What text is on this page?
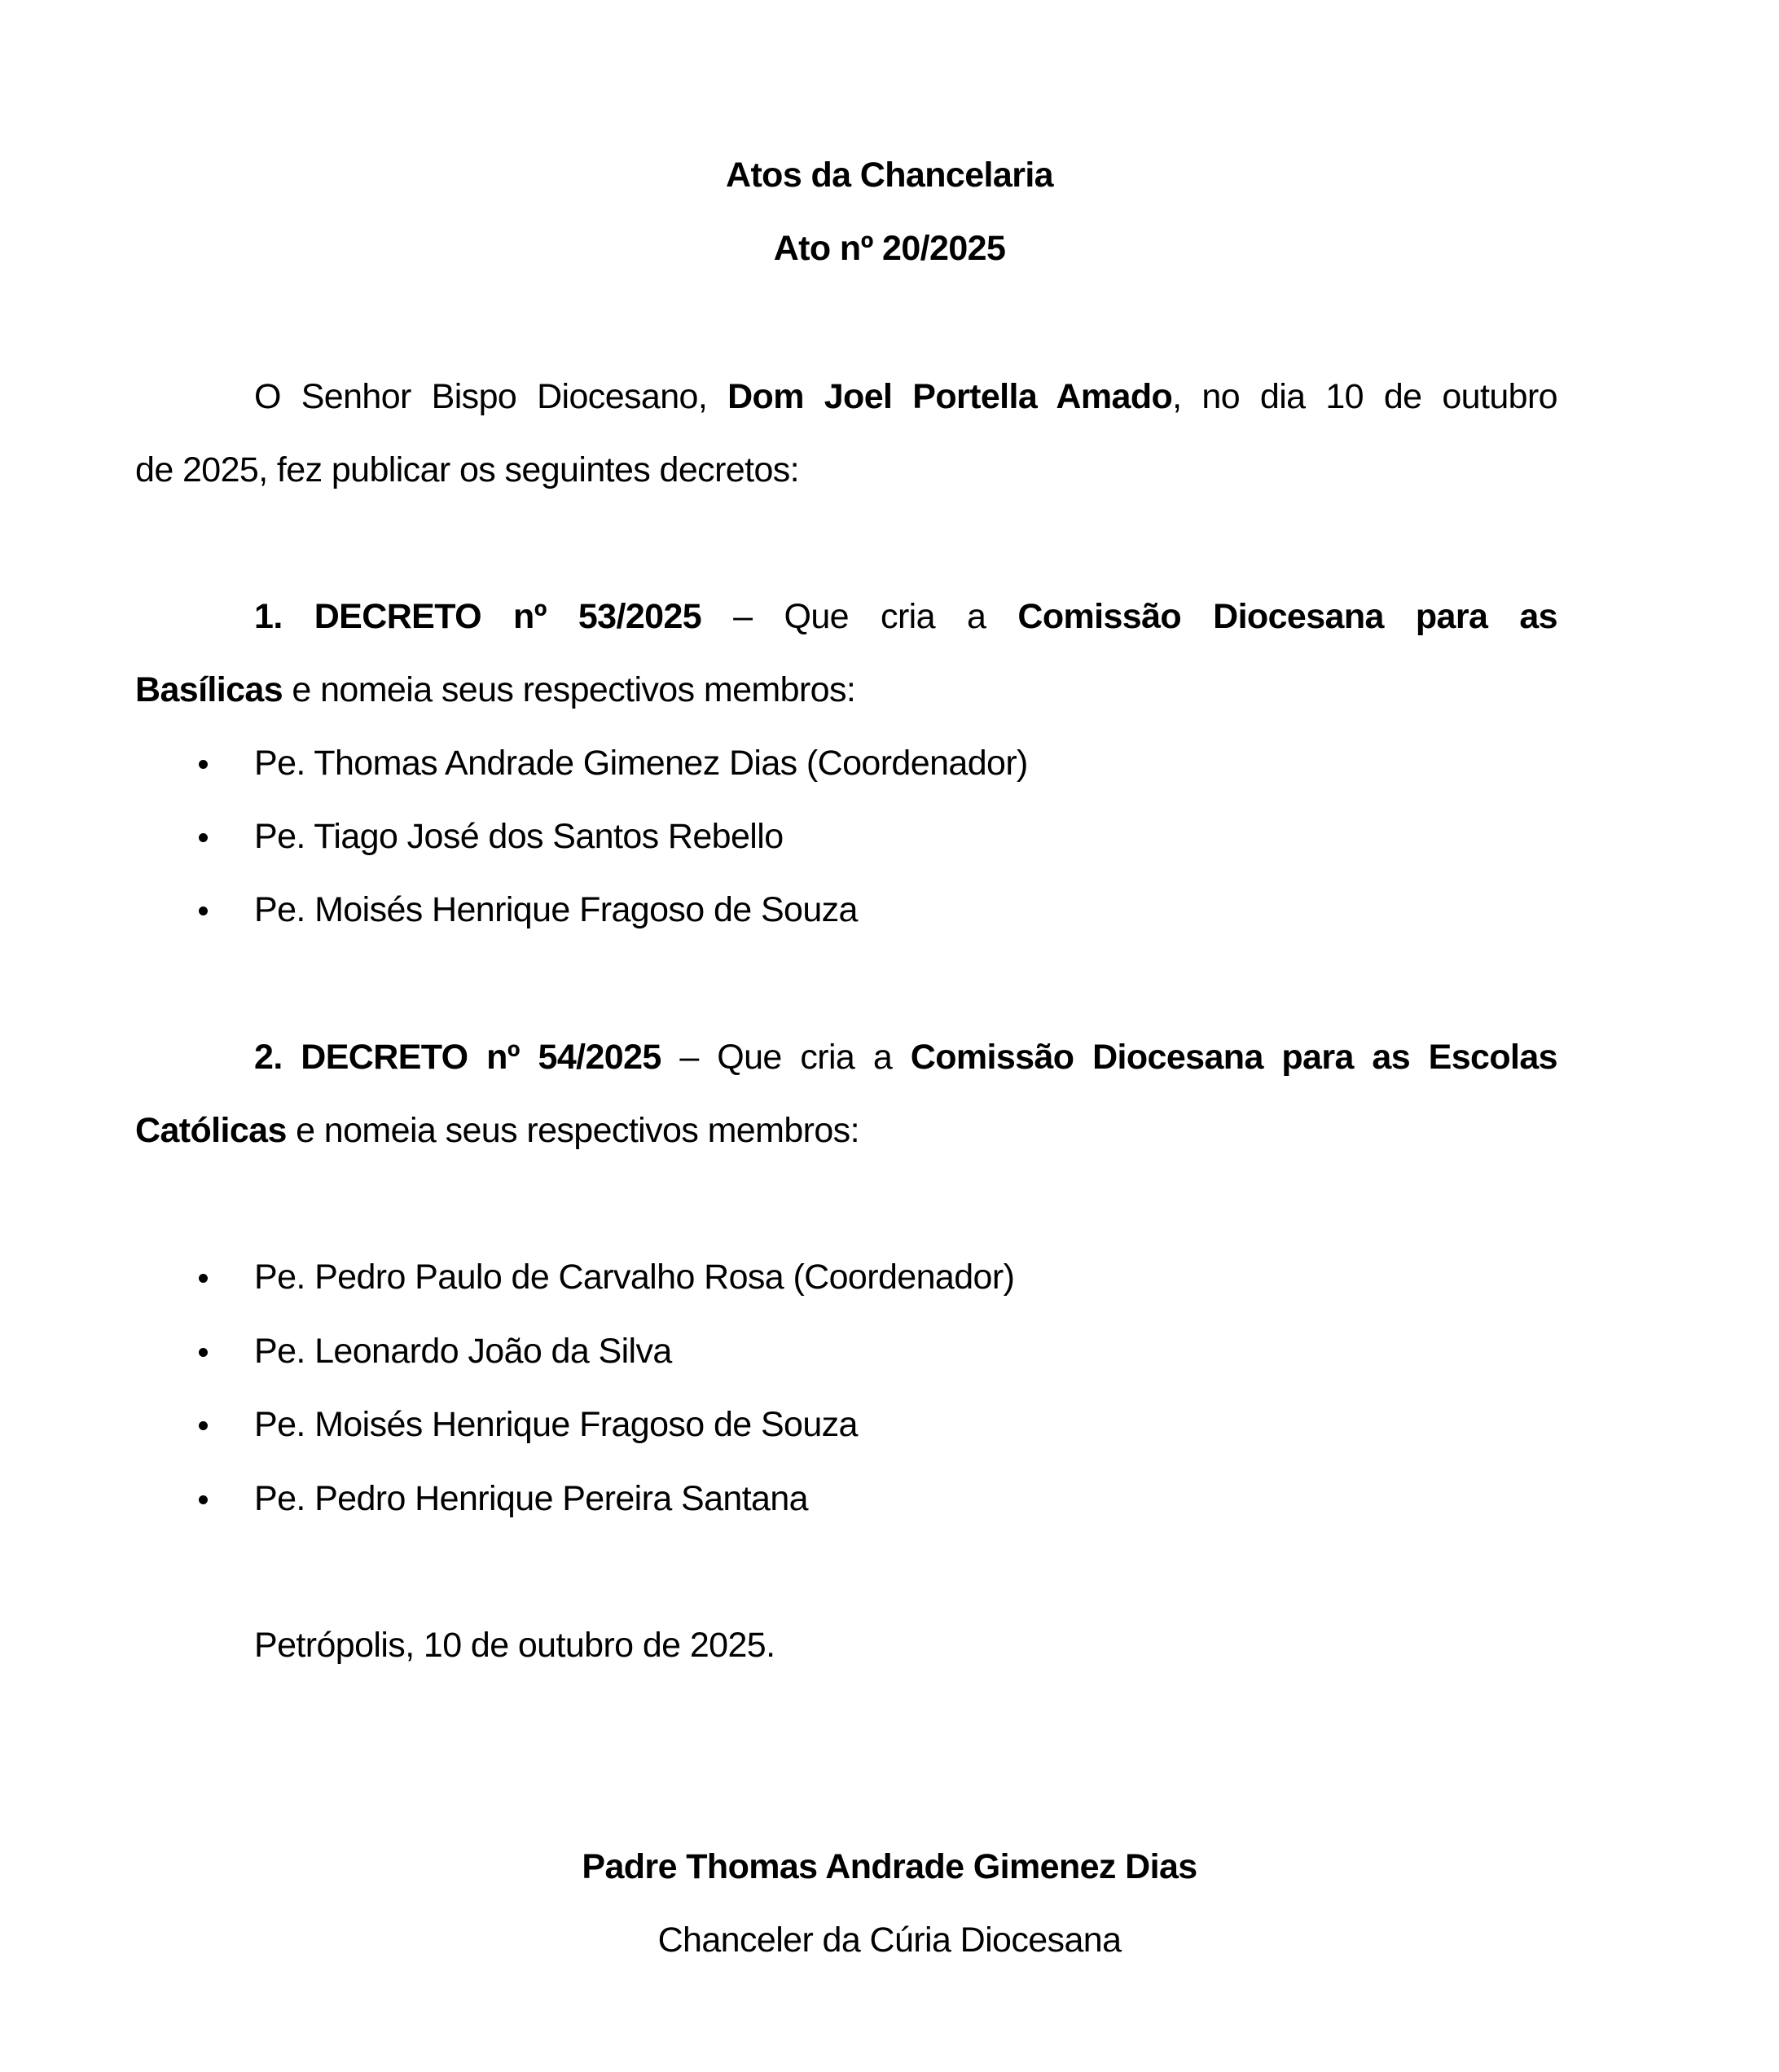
Atos da Chancelaria
Ato nº 20/2025
O Senhor Bispo Diocesano, Dom Joel Portella Amado, no dia 10 de outubro
de 2025, fez publicar os seguintes decretos:
1. DECRETO nº 53/2025 – Que cria a Comissão Diocesana para as
Basílicas e nomeia seus respectivos membros:
Pe. Thomas Andrade Gimenez Dias (Coordenador)
Pe. Tiago José dos Santos Rebello
Pe. Moisés Henrique Fragoso de Souza
2. DECRETO nº 54/2025 – Que cria a Comissão Diocesana para as Escolas
Católicas e nomeia seus respectivos membros:
Pe. Pedro Paulo de Carvalho Rosa (Coordenador)
Pe. Leonardo João da Silva
Pe. Moisés Henrique Fragoso de Souza
Pe. Pedro Henrique Pereira Santana
Petrópolis, 10 de outubro de 2025.
Padre Thomas Andrade Gimenez Dias
Chanceler da Cúria Diocesana
